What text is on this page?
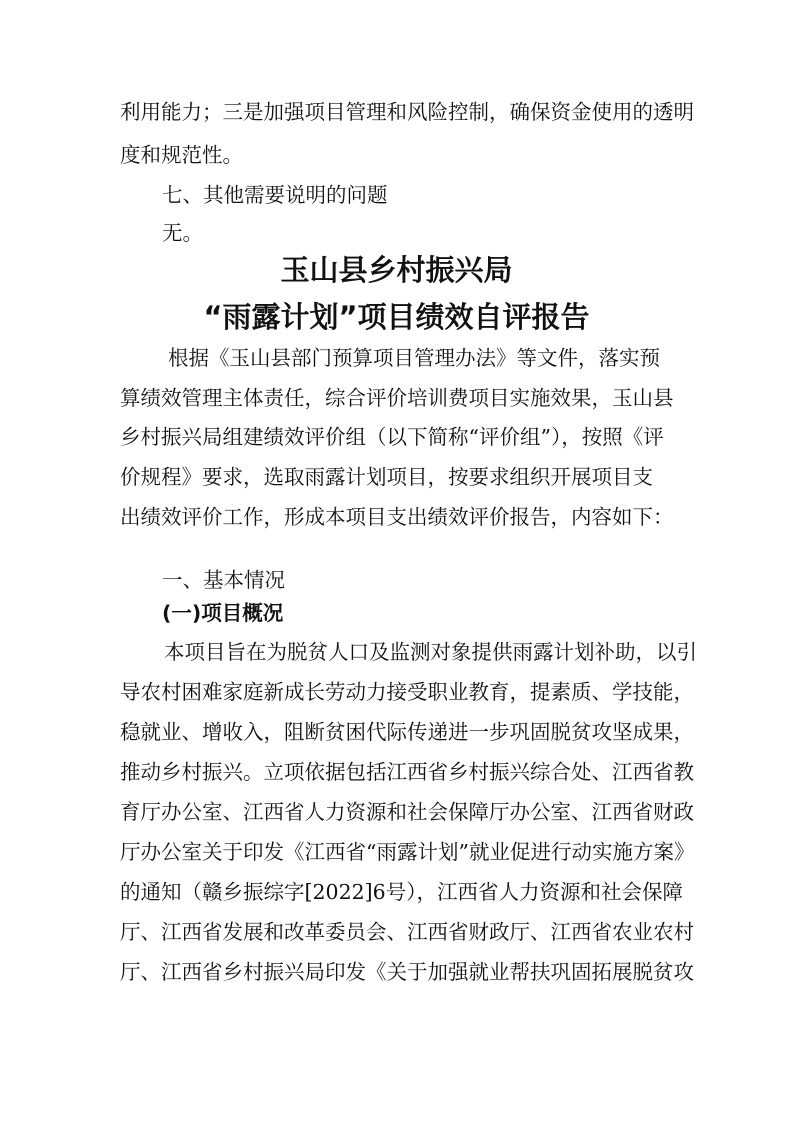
利用能力；三是加强项目管理和风险控制，确保资金使用的透明

度和规范性。

七、其他需要说明的问题

无。

玉山县乡村振兴局
“雨露计划”项目绩效自评报告

根据《玉山县部门预算项目管理办法》等文件，落实预

算绩效管理主体责任，综合评价培训费项目实施效果，玉山县

乡村振兴局组建绩效评价组（以下简称“评价组”），按照《评

价规程》要求，选取雨露计划项目，按要求组织开展项目支

出绩效评价工作，形成本项目支出绩效评价报告，内容如下：

一、基本情况

(一)项目概况

本项目旨在为脱贫人口及监测对象提供雨露计划补助，以引

导农村困难家庭新成长劳动力接受职业教育，提素质、学技能，

稳就业、增收入，阻断贫困代际传递进一步巩固脱贫攻坚成果，

推动乡村振兴。立项依据包括江西省乡村振兴综合处、江西省教

育厅办公室、江西省人力资源和社会保障厅办公室、江西省财政

厅办公室关于印发《江西省“雨露计划”就业促进行动实施方案》

的通知（赣乡振综字[2022]6号），江西省人力资源和社会保障

厅、江西省发展和改革委员会、江西省财政厅、江西省农业农村

厅、江西省乡村振兴局印发《关于加强就业帮扶巩固拓展脱贫攻
